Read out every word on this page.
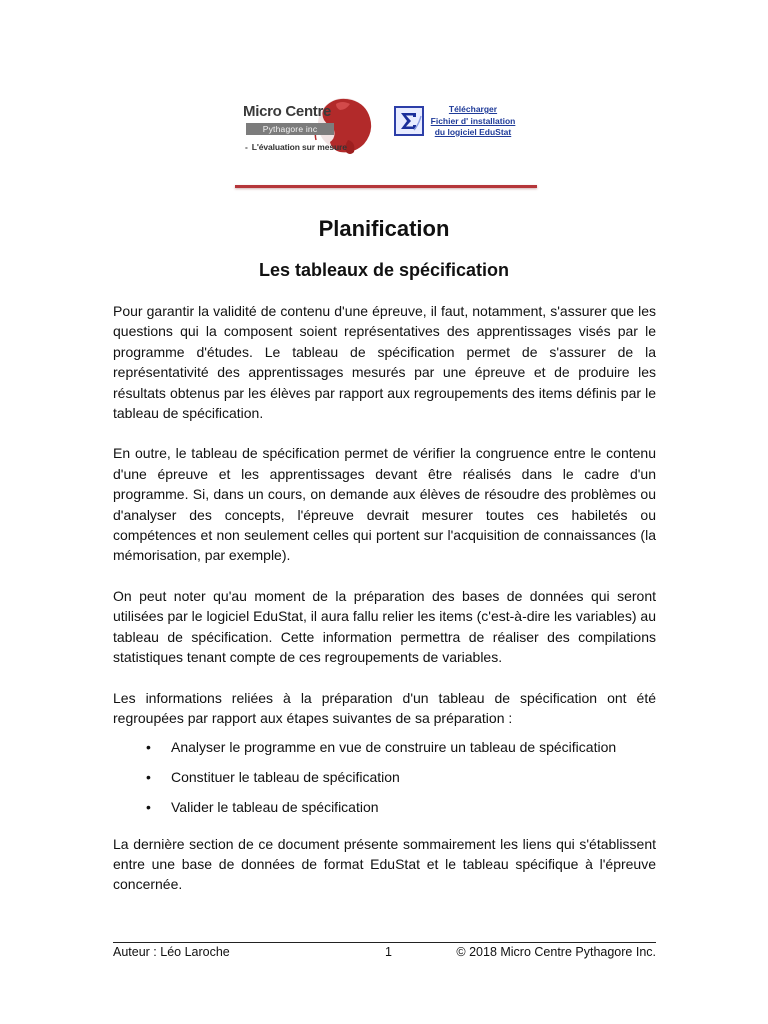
Micro Centre
Pythagore inc
- L'évaluation sur mesure
Télécharger
Fichier d' installation
du logiciel EduStat
Planification
Les tableaux de spécification

Pour garantir la validité de contenu d'une épreuve, il faut, notamment, s'assurer que les questions qui la composent soient représentatives des apprentissages visés par le programme d'études. Le tableau de spécification permet de s'assurer de la représentativité des apprentissages mesurés par une épreuve et de produire les résultats obtenus par les élèves par rapport aux regroupements des items définis par le tableau de spécification.

En outre, le tableau de spécification permet de vérifier la congruence entre le contenu d'une épreuve et les apprentissages devant être réalisés dans le cadre d'un programme. Si, dans un cours, on demande aux élèves de résoudre des problèmes ou d'analyser des concepts, l'épreuve devrait mesurer toutes ces habiletés ou compétences et non seulement celles qui portent sur l'acquisition de connaissances (la mémorisation, par exemple).

On peut noter qu'au moment de la préparation des bases de données qui seront utilisées par le logiciel EduStat, il aura fallu relier les items (c'est-à-dire les variables) au tableau de spécification. Cette information permettra de réaliser des compilations statistiques tenant compte de ces regroupements de variables.

Les informations reliées à la préparation d'un tableau de spécification ont été regroupées par rapport aux étapes suivantes de sa préparation :

• Analyser le programme en vue de construire un tableau de spécification
• Constituer le tableau de spécification
• Valider le tableau de spécification

La dernière section de ce document présente sommairement les liens qui s'établissent entre une base de données de format EduStat et le tableau spécifique à l'épreuve concernée.

Auteur : Léo Laroche	1	© 2018 Micro Centre Pythagore Inc.
